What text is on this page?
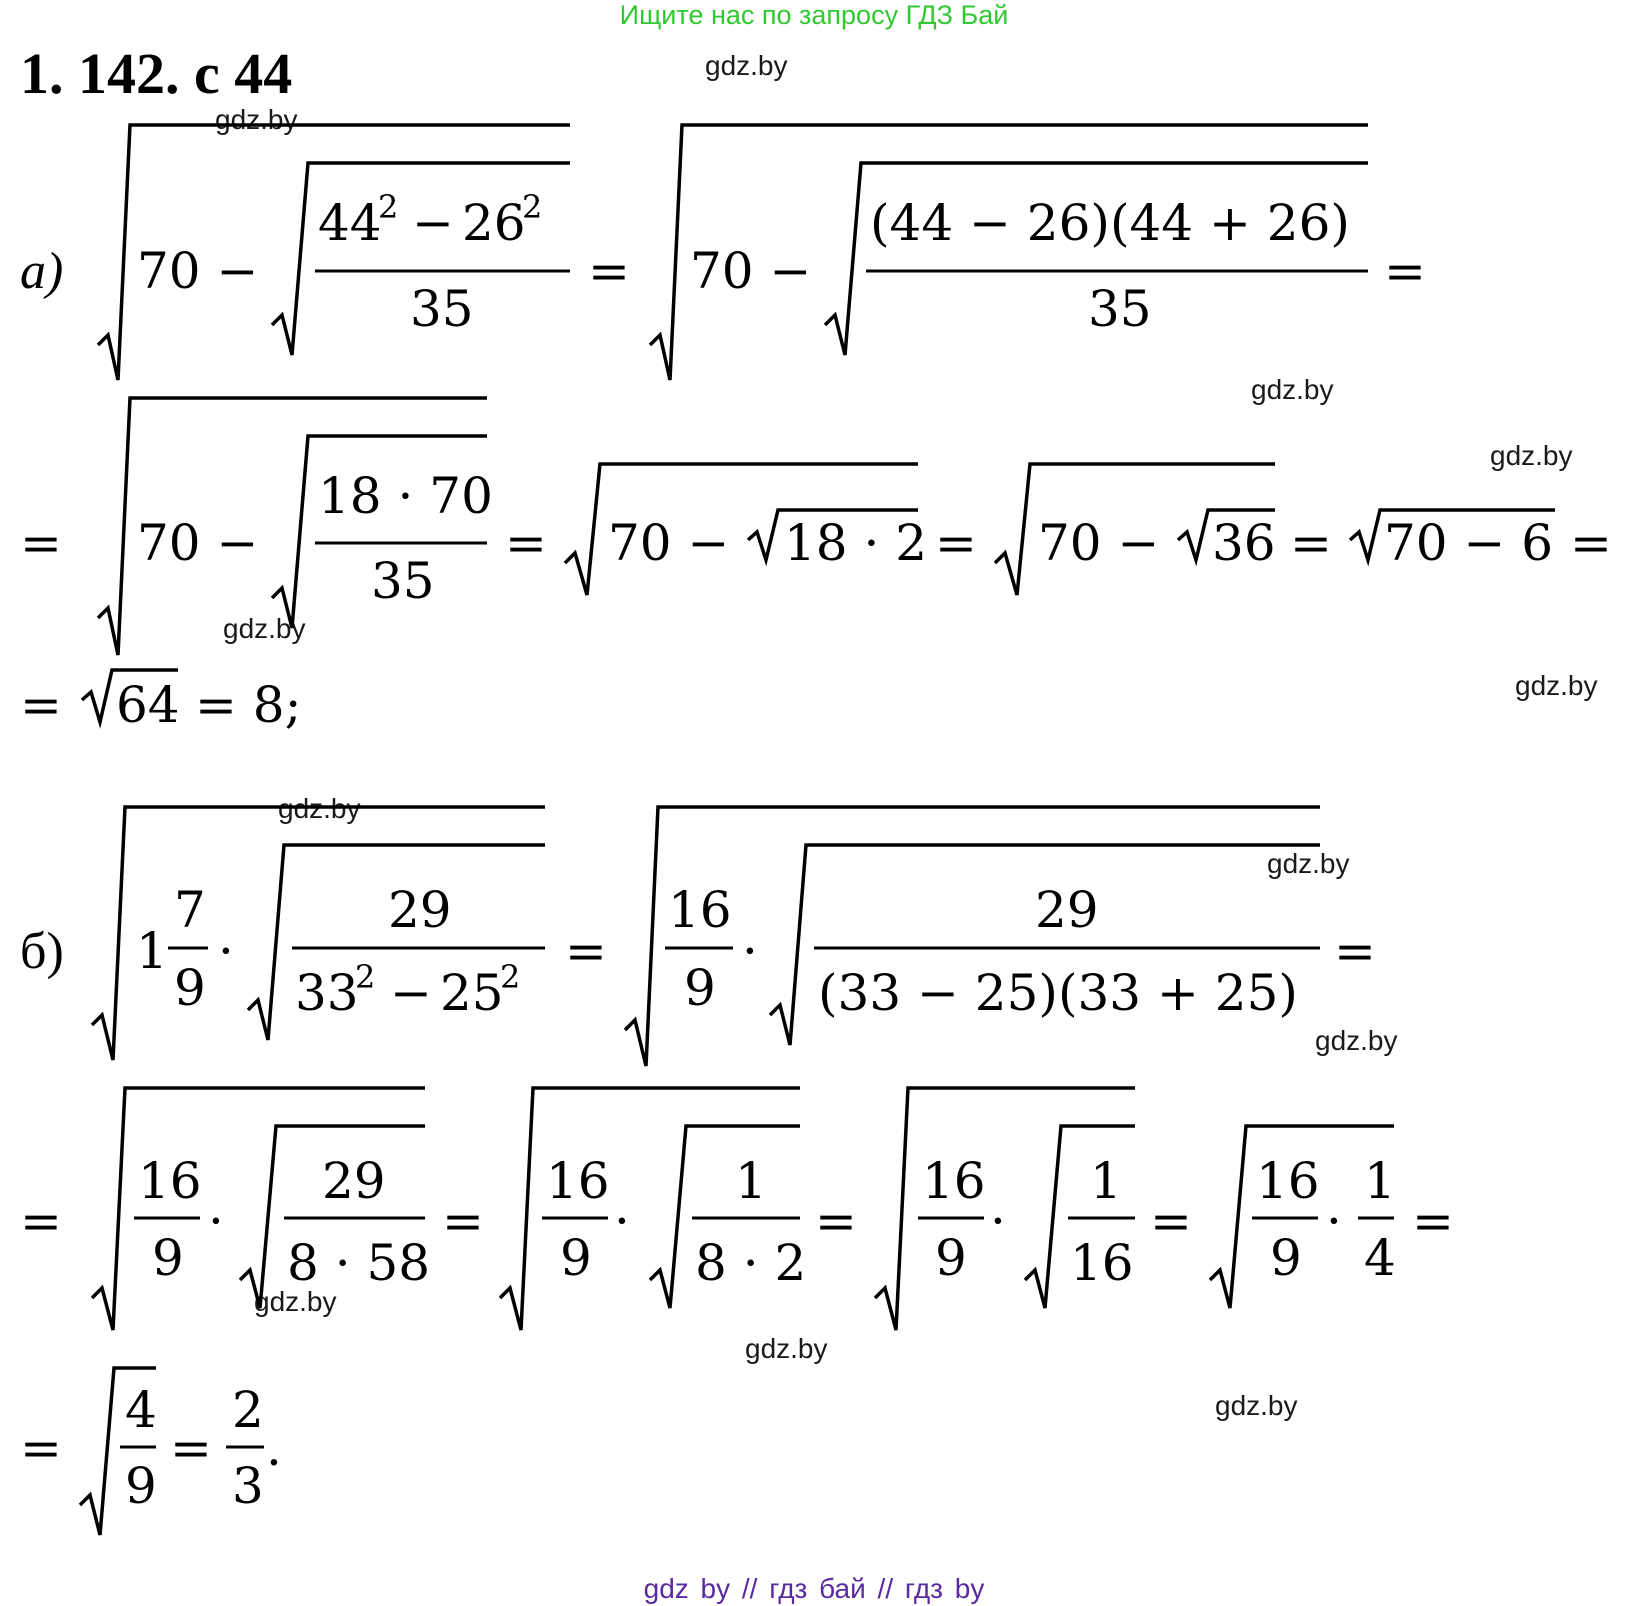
Ищите нас по запросу ГДЗ Бай
1. 142. с 44	gdz.by
gdz.by
gdz.by
gdz.by
gdz.by
gdz.by
gdz.by
gdz.by
gdz.by
gdz.by
gdz.by
gdz.by
а) 70 −
44
2 − 26
2
35
= 70 −
(44 − 26)(44 + 26)
35
=
= 70 −
18 · 70
35
= 70 − 18 · 2 = 70 − 36 = 70 − 6 =
= 64 = 8;
б) 1
7
9
·
29
33
2 − 25
2 =
16
9
·
29
(33 − 25)(33 + 25)
=
=
16
9
·
29
8 · 58
=
16
9
·
1
8 · 2
=
16
9
·
1
16
=
16
9
·
1
4
=
=
4
9
=
2
3
.
gdz by // гдз бай // гдз by
